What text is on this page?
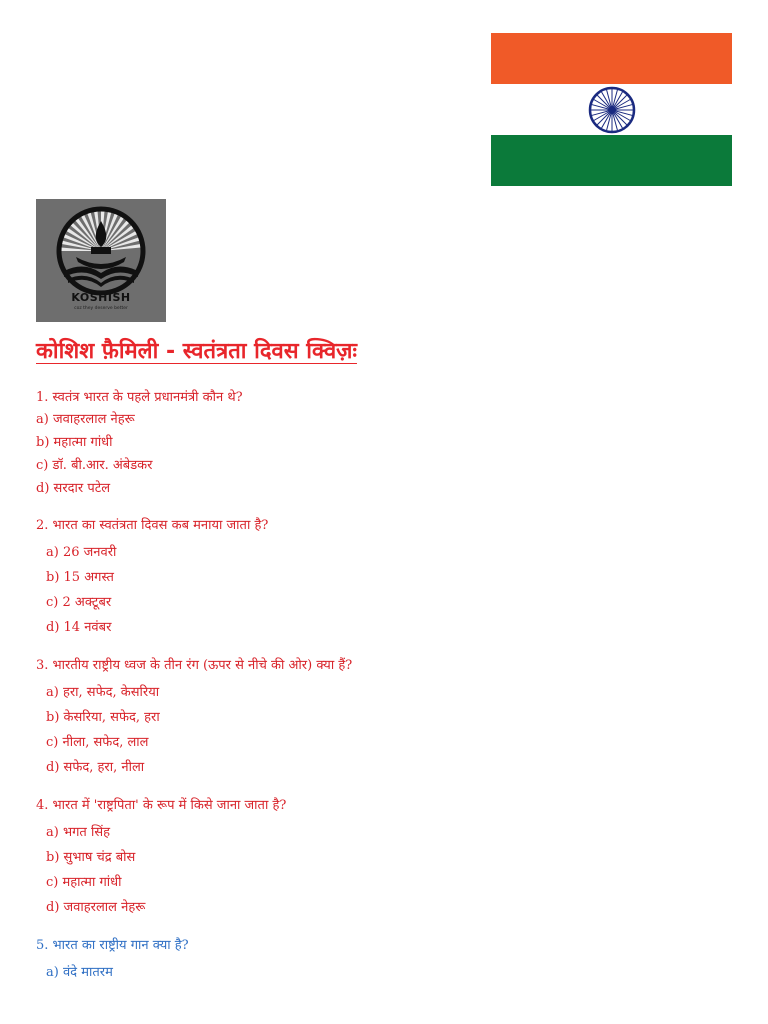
KOSHISH
coz they deserve better
कोशिश फ़ैमिली - स्वतंत्रता दिवस क्विज़ः
1. स्वतंत्र भारत के पहले प्रधानमंत्री कौन थे?
a) जवाहरलाल नेहरू
b) महात्मा गांधी
c) डॉ. बी.आर. अंबेडकर
d) सरदार पटेल
2. भारत का स्वतंत्रता दिवस कब मनाया जाता है?
a) 26 जनवरी
b) 15 अगस्त
c) 2 अक्टूबर
d) 14 नवंबर
3. भारतीय राष्ट्रीय ध्वज के तीन रंग (ऊपर से नीचे की ओर) क्या हैं?
a) हरा, सफेद, केसरिया
b) केसरिया, सफेद, हरा
c) नीला, सफेद, लाल
d) सफेद, हरा, नीला
4. भारत में 'राष्ट्रपिता' के रूप में किसे जाना जाता है?
a) भगत सिंह
b) सुभाष चंद्र बोस
c) महात्मा गांधी
d) जवाहरलाल नेहरू
5. भारत का राष्ट्रीय गान क्या है?
a) वंदे मातरम
